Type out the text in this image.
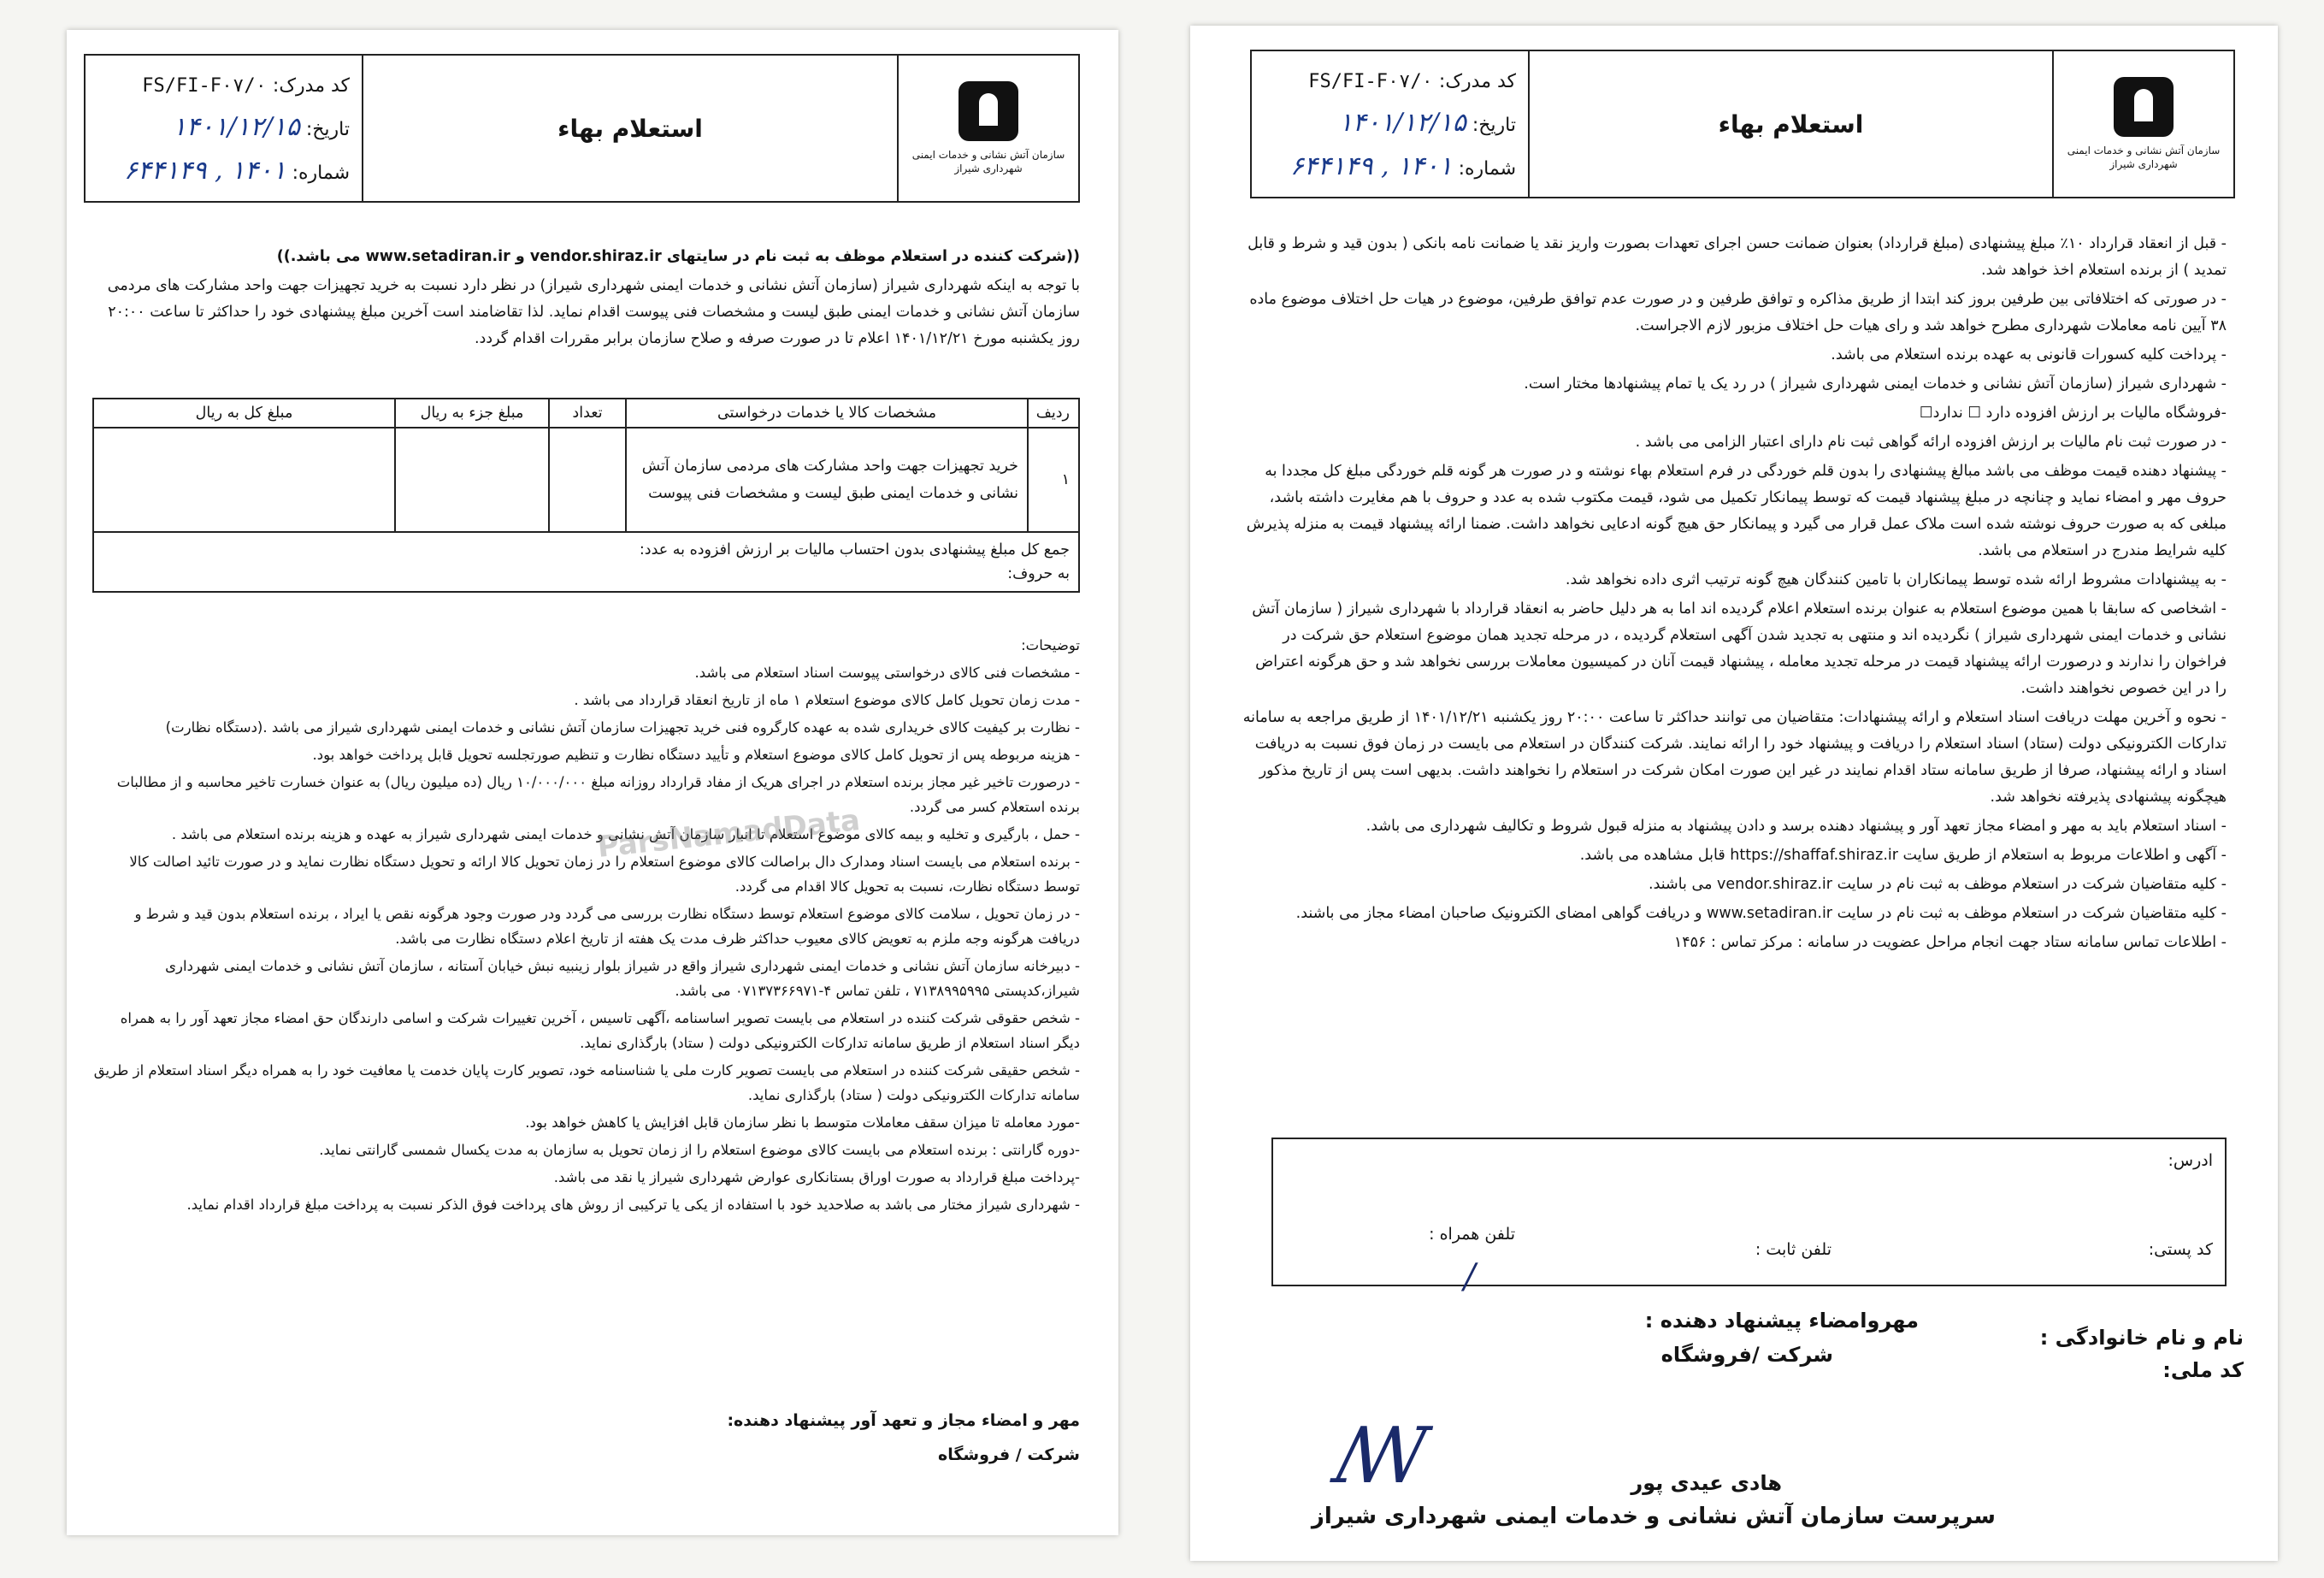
کد مدرک: FS/FI-F۰۷/۰
تاریخ: ۱۴۰۱/۱۲/۱۵
شماره: ۱۴۰۱ , ۶۴۴۱۴۹
استعلام بهاء
سازمان آتش نشانی و خدمات ایمنی شهرداری شیراز

- قبل از انعقاد قرارداد ۱۰٪ مبلغ پیشنهادی (مبلغ قرارداد) بعنوان ضمانت حسن اجرای تعهدات بصورت واریز نقد یا ضمانت نامه بانکی ( بدون قید و شرط و قابل تمدید ) از برنده استعلام اخذ خواهد شد.

- در صورتی که اختلافاتی بین طرفین بروز کند ابتدا از طریق مذاکره و توافق طرفین و در صورت عدم توافق طرفین، موضوع در هیات حل اختلاف موضوع ماده ۳۸ آیین نامه معاملات شهرداری مطرح خواهد شد و رای هیات حل اختلاف مزبور لازم الاجراست.

- پرداخت کلیه کسورات قانونی به عهده برنده استعلام می باشد.

- شهرداری شیراز (سازمان آتش نشانی و خدمات ایمنی شهرداری شیراز ) در رد یک یا تمام پیشنهادها مختار است.

-فروشگاه مالیات بر ارزش افزوده دارد ☐ ندارد☐

- در صورت ثبت نام مالیات بر ارزش افزوده ارائه گواهی ثبت نام دارای اعتبار الزامی می باشد .

- پیشنهاد دهنده قیمت موظف می باشد مبالغ پیشنهادی را بدون قلم خوردگی در فرم استعلام بهاء نوشته و در صورت هر گونه قلم خوردگی مبلغ کل مجددا به حروف مهر و امضاء نماید و چنانچه در مبلغ پیشنهاد قیمت که توسط پیمانکار تکمیل می شود، قیمت مکتوب شده به عدد و حروف با هم مغایرت داشته باشد، مبلغی که به صورت حروف نوشته شده است ملاک عمل قرار می گیرد و پیمانکار حق هیچ گونه ادعایی نخواهد داشت. ضمنا ارائه پیشنهاد قیمت به منزله پذیرش کلیه شرایط مندرج در استعلام می باشد.

- به پیشنهادات مشروط ارائه شده توسط پیمانکاران با تامین کنندگان هیچ گونه ترتیب اثری داده نخواهد شد.

- اشخاصی که سابقا با همین موضوع استعلام به عنوان برنده استعلام اعلام گردیده اند اما به هر دلیل حاضر به انعقاد قرارداد با شهرداری شیراز ( سازمان آتش نشانی و خدمات ایمنی شهرداری شیراز ) نگردیده اند و منتهی به تجدید شدن آگهی استعلام گردیده ، در مرحله تجدید همان موضوع استعلام حق شرکت در فراخوان را ندارند و درصورت ارائه پیشنهاد قیمت در مرحله تجدید معامله ، پیشنهاد قیمت آنان در کمیسیون معاملات بررسی نخواهد شد و حق هرگونه اعتراض را در این خصوص نخواهند داشت.

- نحوه و آخرین مهلت دریافت اسناد استعلام و ارائه پیشنهادات: متقاضیان می توانند حداکثر تا ساعت ۲۰:۰۰ روز یکشنبه ۱۴۰۱/۱۲/۲۱ از طریق مراجعه به سامانه تدارکات الکترونیکی دولت (ستاد) اسناد استعلام را دریافت و پیشنهاد خود را ارائه نمایند. شرکت کنندگان در استعلام می بایست در زمان فوق نسبت به دریافت اسناد و ارائه پیشنهاد، صرفا از طریق سامانه ستاد اقدام نمایند در غیر این صورت امکان شرکت در استعلام را نخواهند داشت. بدیهی است پس از تاریخ مذکور هیچگونه پیشنهادی پذیرفته نخواهد شد.

- اسناد استعلام باید به مهر و امضاء مجاز تعهد آور و پیشنهاد دهنده برسد و دادن پیشنهاد به منزله قبول شروط و تکالیف شهرداری می باشد.

- آگهی و اطلاعات مربوط به استعلام از طریق سایت https://shaffaf.shiraz.ir قابل مشاهده می باشد.

- کلیه متقاضیان شرکت در استعلام موظف به ثبت نام در سایت vendor.shiraz.ir می باشند.

- کلیه متقاضیان شرکت در استعلام موظف به ثبت نام در سایت www.setadiran.ir و دریافت گواهی امضای الکترونیک صاحبان امضاء مجاز می باشند.

- اطلاعات تماس سامانه ستاد جهت انجام مراحل عضویت در سامانه : مرکز تماس : ۱۴۵۶

ادرس:
کد پستی:
تلفن ثابت :
تلفن همراه :
نام و نام خانوادگی :
کد ملی:
مهروامضاء پیشنهاد دهنده :
شرکت /فروشگاه
هادی عیدی پور
سرپرست سازمان آتش نشانی و خدمات ایمنی شهرداری شیراز
ꟿ
/
کد مدرک: FS/FI-F۰۷/۰
تاریخ: ۱۴۰۱/۱۲/۱۵
شماره: ۱۴۰۱ , ۶۴۴۱۴۹
استعلام بهاء
سازمان آتش نشانی و خدمات ایمنی شهرداری شیراز

((شرکت کننده در استعلام موظف به ثبت نام در سایتهای vendor.shiraz.ir و www.setadiran.ir می باشد.))

با توجه به اینکه شهرداری شیراز (سازمان آتش نشانی و خدمات ایمنی شهرداری شیراز) در نظر دارد نسبت به خرید تجهیزات جهت واحد مشارکت های مردمی سازمان آتش نشانی و خدمات ایمنی طبق لیست و مشخصات فنی پیوست اقدام نماید. لذا تقاضامند است آخرین مبلغ پیشنهادی خود را حداکثر تا ساعت ۲۰:۰۰ روز یکشنبه مورخ ۱۴۰۱/۱۲/۲۱ اعلام تا در صورت صرفه و صلاح سازمان برابر مقررات اقدام گردد.

ردیف
مشخصات کالا یا خدمات درخواستی
تعداد
مبلغ جزء به ریال
مبلغ کل به ریال
۱
خرید تجهیزات جهت واحد مشارکت های مردمی سازمان آتش نشانی و خدمات ایمنی طبق لیست و مشخصات فنی پیوست
جمع کل مبلغ پیشنهادی بدون احتساب مالیات بر ارزش افزوده به عدد:
به حروف:

توضیحات:

- مشخصات فنی کالای درخواستی پیوست اسناد استعلام می باشد.

- مدت زمان تحویل کامل کالای موضوع استعلام ۱ ماه از تاریخ انعقاد قرارداد می باشد .

- نظارت بر کیفیت کالای خریداری شده به عهده کارگروه فنی خرید تجهیزات سازمان آتش نشانی و خدمات ایمنی شهرداری شیراز می باشد .(دستگاه نظارت)

- هزینه مربوطه پس از تحویل کامل کالای موضوع استعلام و تأیید دستگاه نظارت و تنظیم صورتجلسه تحویل قابل پرداخت خواهد بود.

- درصورت تاخیر غیر مجاز برنده استعلام در اجرای هریک از مفاد قرارداد روزانه مبلغ ۱۰/۰۰۰/۰۰۰ ریال (ده میلیون ریال) به عنوان خسارت تاخیر محاسبه و از مطالبات برنده استعلام کسر می گردد.

- حمل ، بارگیری و تخلیه و بیمه کالای موضوع استعلام تا انبار سازمان آتش نشانی و خدمات ایمنی شهرداری شیراز به عهده و هزینه برنده استعلام می باشد .

- برنده استعلام می بایست اسناد ومدارک دال براصالت کالای موضوع استعلام را در زمان تحویل کالا ارائه و تحویل دستگاه نظارت نماید و در صورت تائید اصالت کالا توسط دستگاه نظارت، نسبت به تحویل کالا اقدام می گردد.

- در زمان تحویل ، سلامت کالای موضوع استعلام توسط دستگاه نظارت بررسی می گردد ودر صورت وجود هرگونه نقص یا ایراد ، برنده استعلام بدون قید و شرط و دریافت هرگونه وجه ملزم به تعویض کالای معیوب حداکثر ظرف مدت یک هفته از تاریخ اعلام دستگاه نظارت می باشد.

- دبیرخانه سازمان آتش نشانی و خدمات ایمنی شهرداری شیراز واقع در شیراز بلوار زینبیه نبش خیابان آستانه ، سازمان آتش نشانی و خدمات ایمنی شهرداری شیراز،کدپستی ۷۱۳۸۹۹۵۹۹۵ ، تلفن تماس ۴-۰۷۱۳۷۳۶۶۹۷۱ می باشد.

- شخص حقوقی شرکت کننده در استعلام می بایست تصویر اساسنامه ،آگهی تاسیس ، آخرین تغییرات شرکت و اسامی دارندگان حق امضاء مجاز تعهد آور را به همراه دیگر اسناد استعلام از طریق سامانه تدارکات الکترونیکی دولت ( ستاد) بارگذاری نماید.

- شخص حقیقی شرکت کننده در استعلام می بایست تصویر کارت ملی یا شناسنامه خود، تصویر کارت پایان خدمت یا معافیت خود را به همراه دیگر اسناد استعلام از طریق سامانه تدارکات الکترونیکی دولت ( ستاد) بارگذاری نماید.

-مورد معامله تا میزان سقف معاملات متوسط با نظر سازمان قابل افزایش یا کاهش خواهد بود.

-دوره گارانتی : برنده استعلام می بایست کالای موضوع استعلام را از زمان تحویل به سازمان به مدت یکسال شمسی گارانتی نماید.

-پرداخت مبلغ قرارداد به صورت اوراق بستانکاری عوارض شهرداری شیراز یا نقد می باشد.

- شهرداری شیراز مختار می باشد به صلاحدید خود با استفاده از یکی یا ترکیبی از روش های پرداخت فوق الذکر نسبت به پرداخت مبلغ قرارداد اقدام نماید.

مهر و امضاء مجاز و تعهد آور پیشنهاد دهنده:
شرکت / فروشگاه
ParsNamadData
